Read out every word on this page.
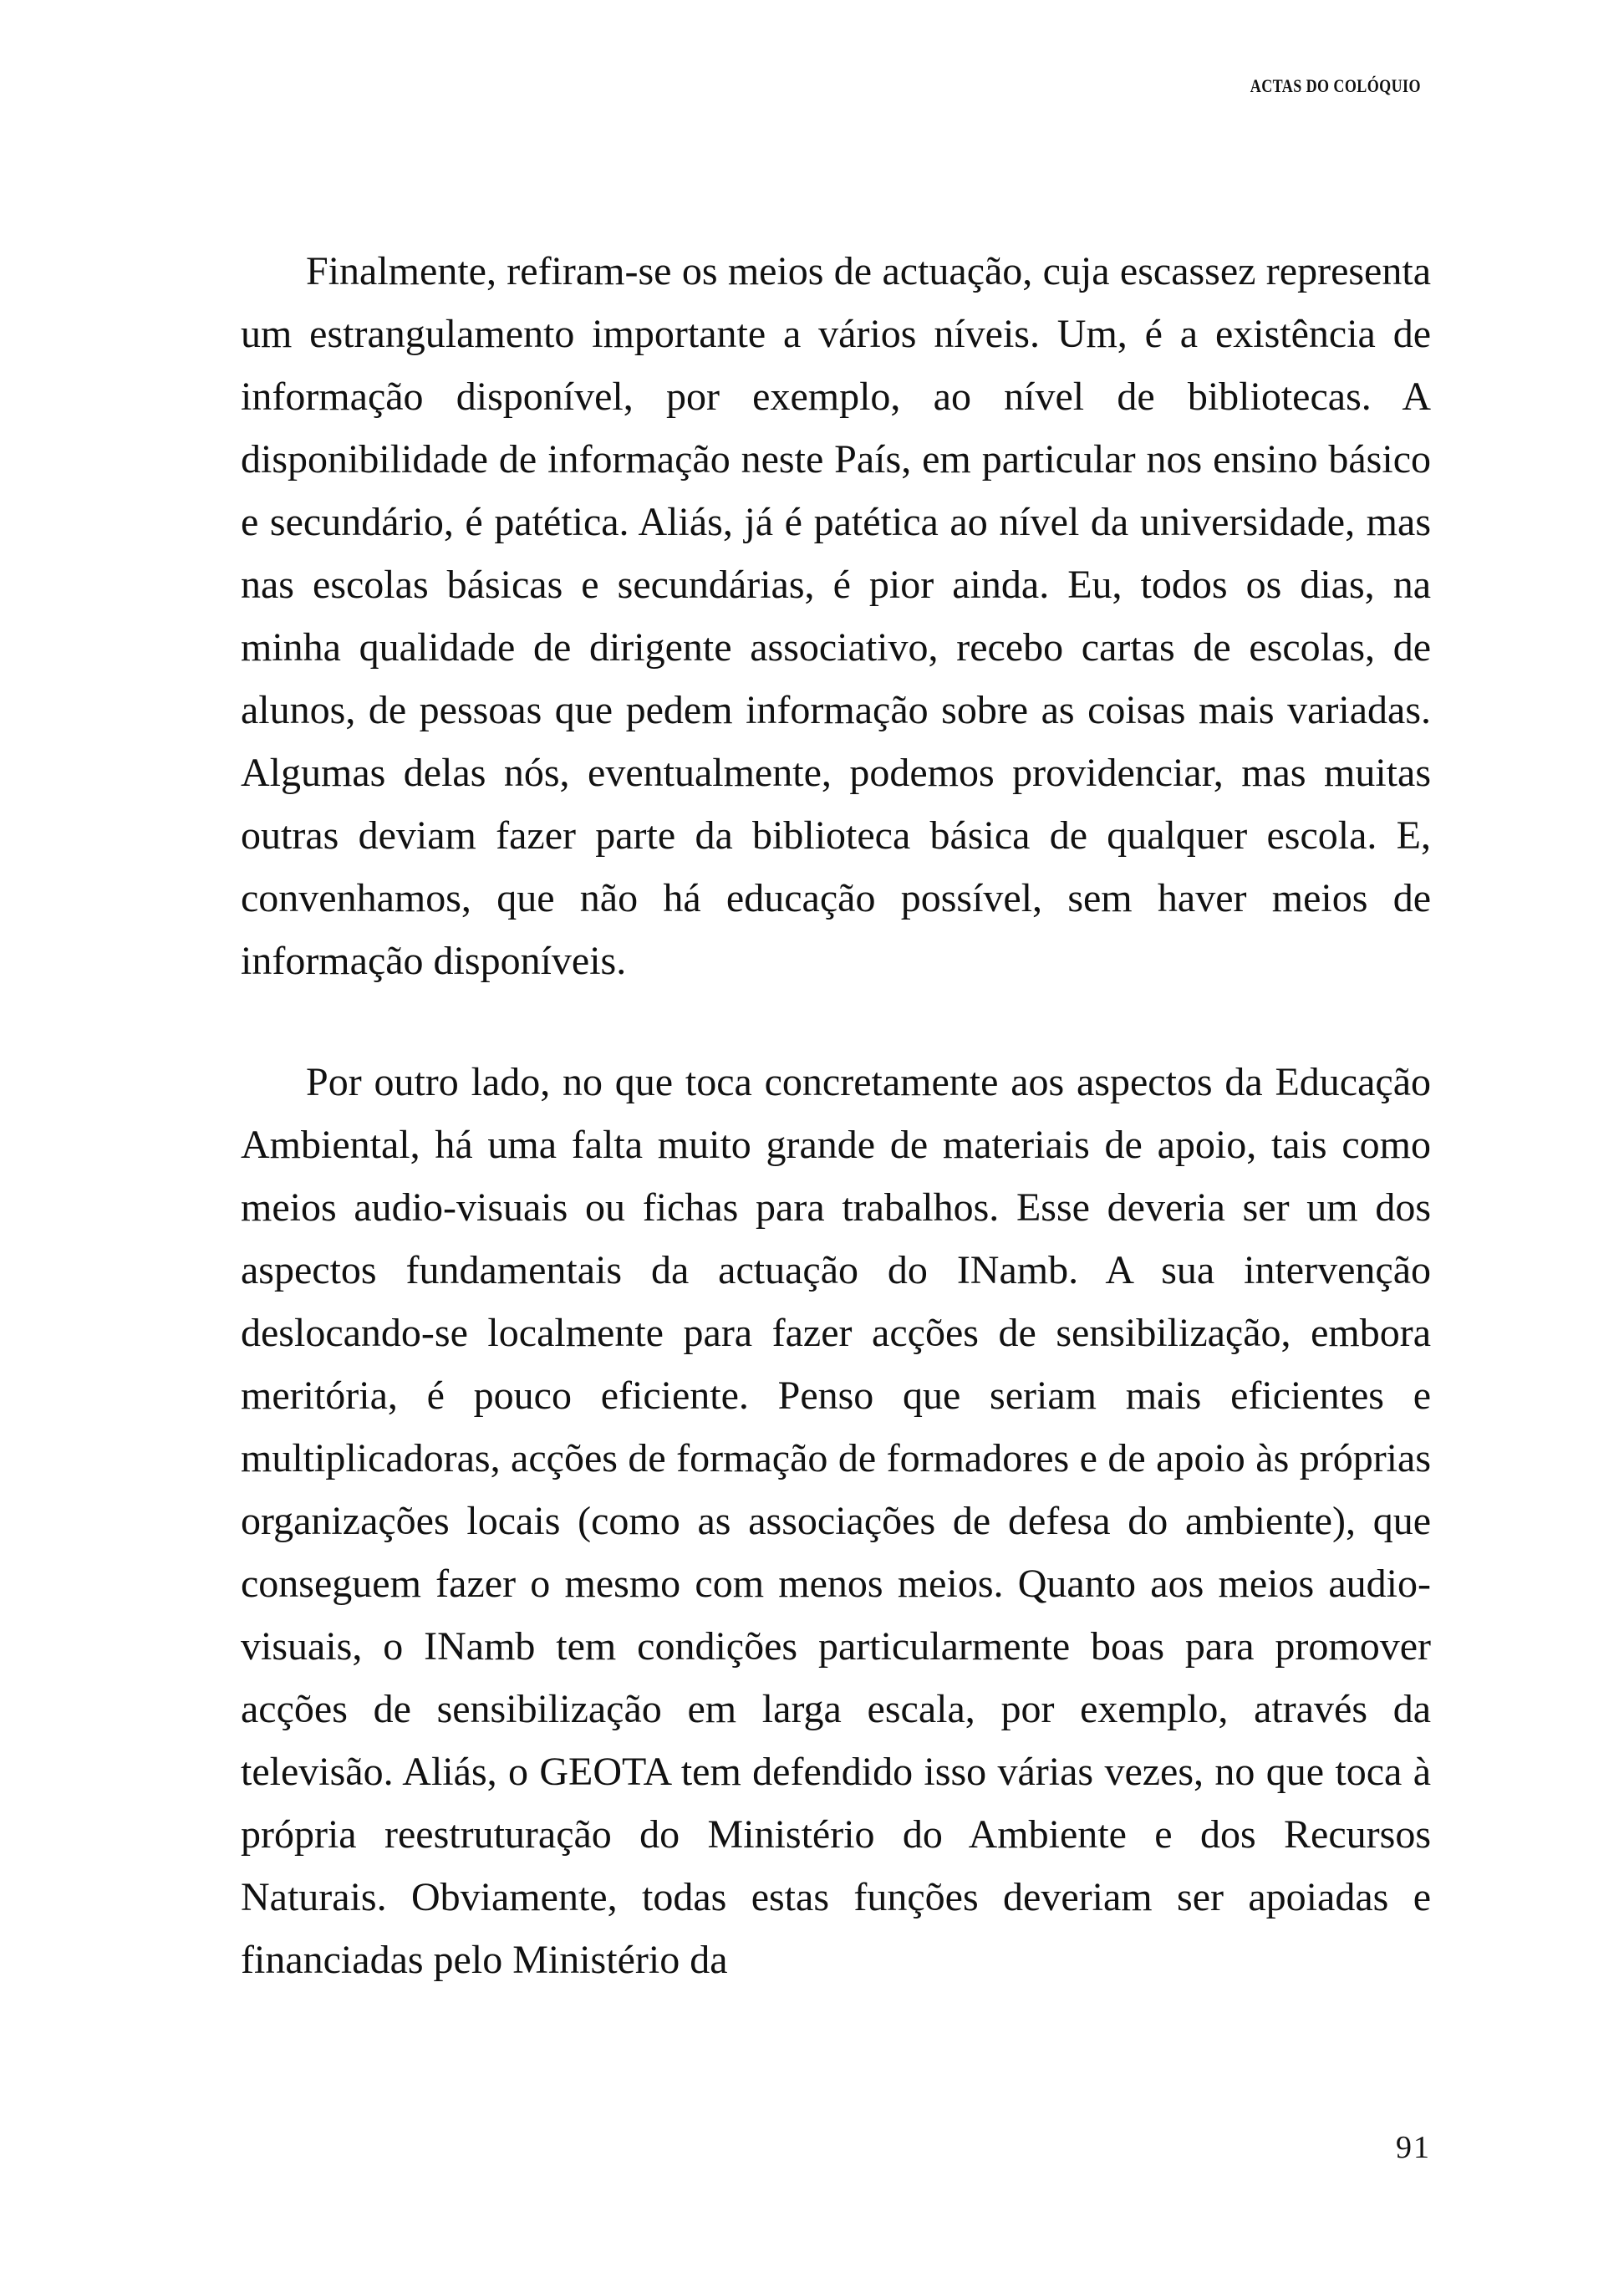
ACTAS DO COLÓQUIO

Finalmente, refiram-se os meios de actuação, cuja escassez representa um estrangulamento importante a vários níveis. Um, é a existência de informação disponível, por exemplo, ao nível de bibliotecas. A disponibilidade de informação neste País, em particular nos ensino básico e secundário, é patética. Aliás, já é patética ao nível da universidade, mas nas escolas básicas e secundárias, é pior ainda. Eu, todos os dias, na minha qualidade de dirigente associativo, recebo cartas de escolas, de alunos, de pessoas que pedem informação sobre as coisas mais variadas. Algumas delas nós, eventualmente, podemos providenciar, mas muitas outras deviam fazer parte da biblioteca básica de qualquer escola. E, convenhamos, que não há educação possível, sem haver meios de informação disponíveis.

Por outro lado, no que toca concretamente aos aspectos da Educação Ambiental, há uma falta muito grande de materiais de apoio, tais como meios audio-visuais ou fichas para trabalhos. Esse deveria ser um dos aspectos fundamentais da actuação do INamb. A sua intervenção deslocando-se localmente para fazer acções de sensibilização, embora meritória, é pouco eficiente. Penso que seriam mais eficientes e multiplicadoras, acções de formação de formadores e de apoio às próprias organizações locais (como as associações de defesa do ambiente), que conseguem fazer o mesmo com menos meios. Quanto aos meios audio-visuais, o INamb tem condições particularmente boas para promover acções de sensibilização em larga escala, por exemplo, através da televisão. Aliás, o GEOTA tem defendido isso várias vezes, no que toca à própria reestruturação do Ministério do Ambiente e dos Recursos Naturais. Obviamente, todas estas funções deveriam ser apoiadas e financiadas pelo Ministério da

91
